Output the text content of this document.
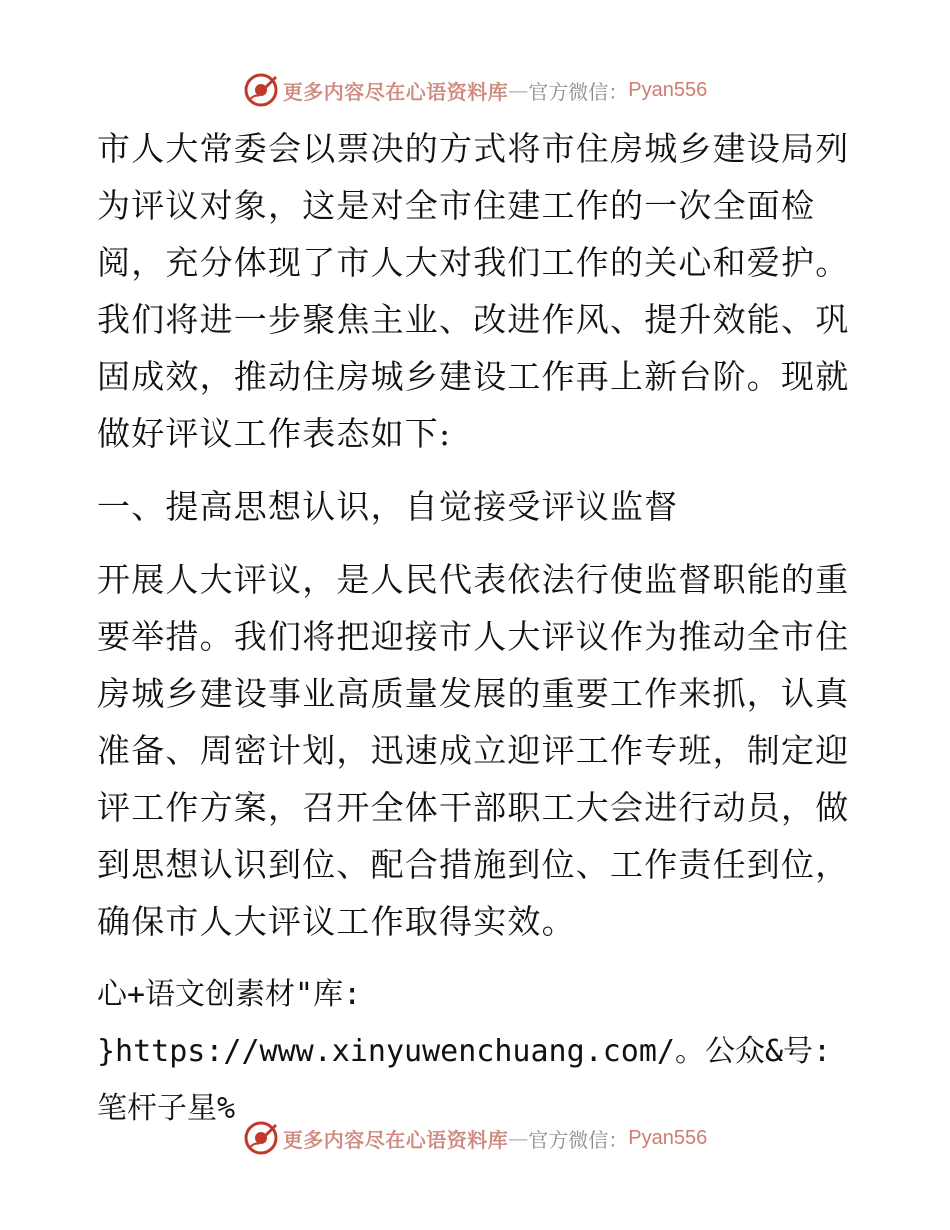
更多内容尽在心语资料库 — 官方微信： Pyan556

市人大常委会以票决的方式将市住房城乡建设局列为评议对象，这是对全市住建工作的一次全面检阅，充分体现了市人大对我们工作的关心和爱护。我们将进一步聚焦主业、改进作风、提升效能、巩固成效，推动住房城乡建设工作再上新台阶。现就做好评议工作表态如下:

一、提高思想认识，自觉接受评议监督

开展人大评议，是人民代表依法行使监督职能的重要举措。我们将把迎接市人大评议作为推动全市住房城乡建设事业高质量发展的重要工作来抓，认真准备、周密计划，迅速成立迎评工作专班，制定迎评工作方案，召开全体干部职工大会进行动员，做到思想认识到位、配合措施到位、工作责任到位，确保市人大评议工作取得实效。

心+语文创素材"库: }https://www.xinyuwenchuang.com/。公众&号: 笔杆子星%

更多内容尽在心语资料库 — 官方微信： Pyan556
